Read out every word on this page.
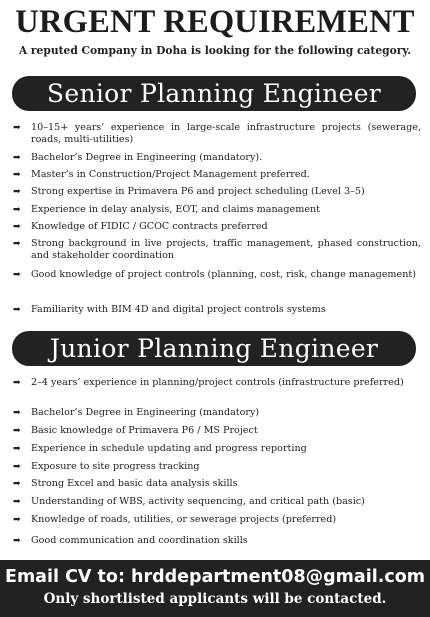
URGENT REQUIREMENT
A reputed Company in Doha is looking for the following category.
Senior Planning Engineer
➡	10–15+ years’ experience in large-scale infrastructure projects (sewerage, roads, multi-utilities)
➡	Bachelor’s Degree in Engineering (mandatory).
➡	Master’s in Construction/Project Management preferred.
➡	Strong expertise in Primavera P6 and project scheduling (Level 3–5)
➡	Experience in delay analysis, EOT, and claims management
➡	Knowledge of FIDIC / GCOC contracts preferred
➡	Strong background in live projects, traffic management, phased construction, and stakeholder coordination
➡	Good knowledge of project controls (planning, cost, risk, change management)
➡	Familiarity with BIM 4D and digital project controls systems
Junior Planning Engineer
➡	2–4 years’ experience in planning/project controls (infrastructure preferred)
➡	Bachelor’s Degree in Engineering (mandatory)
➡	Basic knowledge of Primavera P6 / MS Project
➡	Experience in schedule updating and progress reporting
➡	Exposure to site progress tracking
➡	Strong Excel and basic data analysis skills
➡	Understanding of WBS, activity sequencing, and critical path (basic)
➡	Knowledge of roads, utilities, or sewerage projects (preferred)
➡	Good communication and coordination skills
Email CV to: hrddepartment08@gmail.com
Only shortlisted applicants will be contacted.
